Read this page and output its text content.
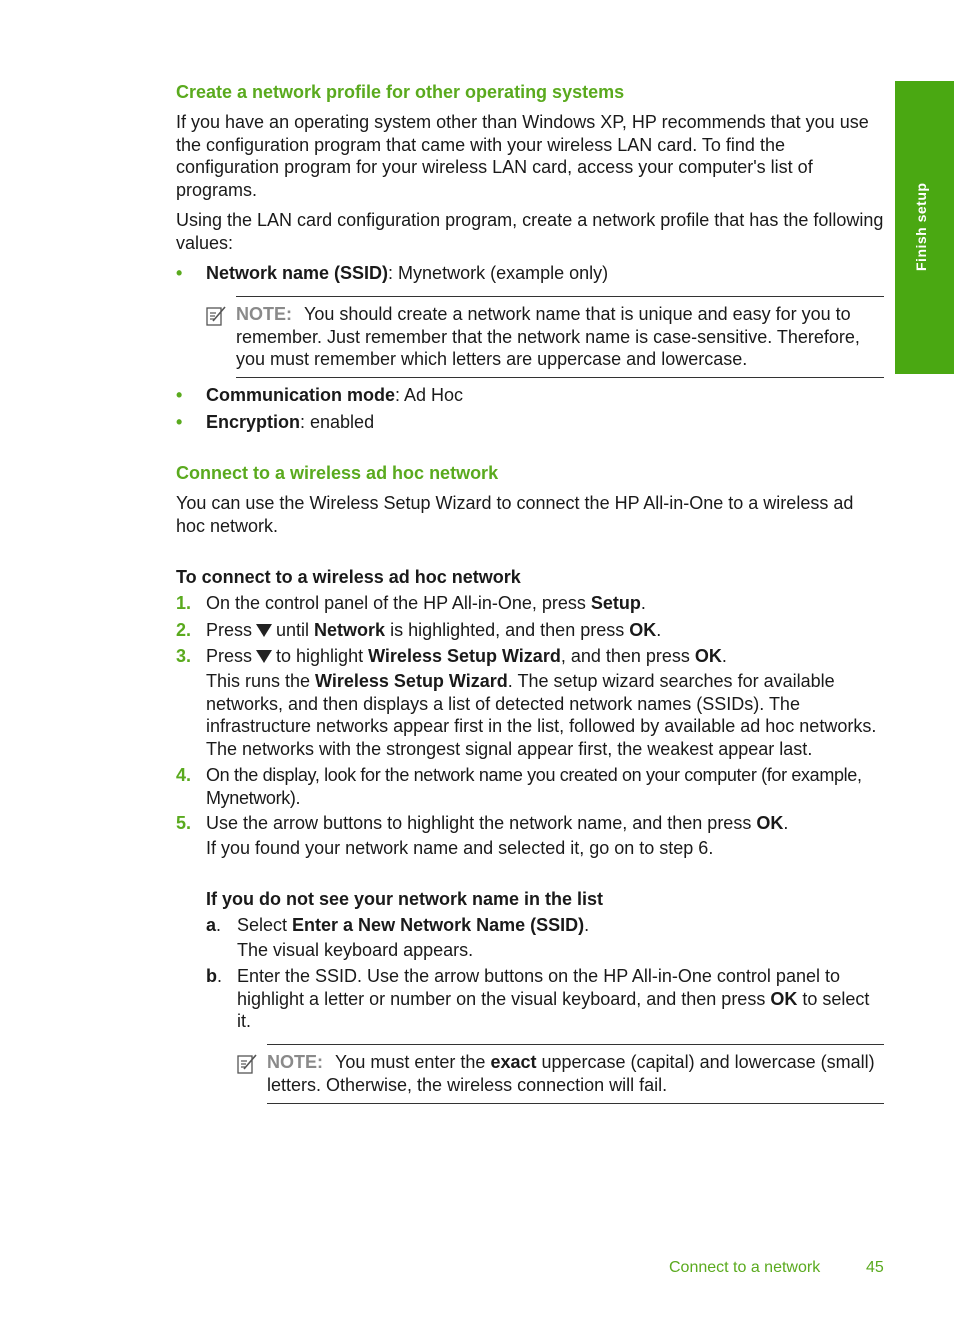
Finish setup
Create a network profile for other operating systems
If you have an operating system other than Windows XP, HP recommends that you use the configuration program that came with your wireless LAN card. To find the configuration program for your wireless LAN card, access your computer's list of programs.
Using the LAN card configuration program, create a network profile that has the following values:
• Network name (SSID): Mynetwork (example only)
NOTE: You should create a network name that is unique and easy for you to remember. Just remember that the network name is case-sensitive. Therefore, you must remember which letters are uppercase and lowercase.
• Communication mode: Ad Hoc
• Encryption: enabled
Connect to a wireless ad hoc network
You can use the Wireless Setup Wizard to connect the HP All-in-One to a wireless ad hoc network.
To connect to a wireless ad hoc network
1. On the control panel of the HP All-in-One, press Setup.
2. Press until Network is highlighted, and then press OK.
3. Press to highlight Wireless Setup Wizard, and then press OK.
This runs the Wireless Setup Wizard. The setup wizard searches for available networks, and then displays a list of detected network names (SSIDs). The infrastructure networks appear first in the list, followed by available ad hoc networks. The networks with the strongest signal appear first, the weakest appear last.
4. On the display, look for the network name you created on your computer (for example, Mynetwork).
5. Use the arrow buttons to highlight the network name, and then press OK.
If you found your network name and selected it, go on to step 6.
If you do not see your network name in the list
a. Select Enter a New Network Name (SSID).
The visual keyboard appears.
b. Enter the SSID. Use the arrow buttons on the HP All-in-One control panel to highlight a letter or number on the visual keyboard, and then press OK to select it.
NOTE: You must enter the exact uppercase (capital) and lowercase (small) letters. Otherwise, the wireless connection will fail.
Connect to a network	45
